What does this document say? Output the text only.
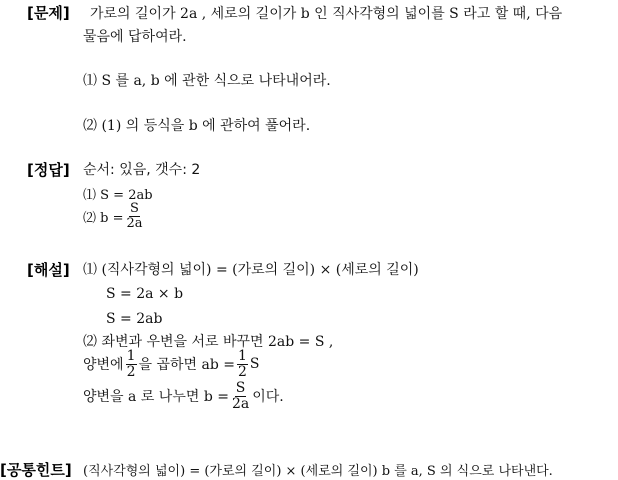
[문제] 가로의 길이가 2a , 세로의 길이가 b 인 직사각형의 넓이를 S 라고 할 때, 다음
물음에 답하여라.
⑴ S 를 a, b 에 관한 식으로 나타내어라.
⑵ (1) 의 등식을 b 에 관하여 풀어라.
[정답] 순서: 있음, 갯수: 2
⑴ S = 2ab
⑵ $b = \frac{S}{2a}$
[해설] ⑴ (직사각형의 넓이) = (가로의 길이) × (세로의 길이)
S = 2a × b
S = 2ab
⑵ 좌변과 우변을 서로 바꾸면 2ab = S ,
양변에 $\frac{1}{2}$ 을 곱하면 ab = $\frac{1}{2}$ S
양변을 a 로 나누면 $b = \frac{S}{2a}$ 이다.
[공통힌트] (직사각형의 넓이) = (가로의 길이) × (세로의 길이) b 를 a, S 의 식으로 나타낸다.
